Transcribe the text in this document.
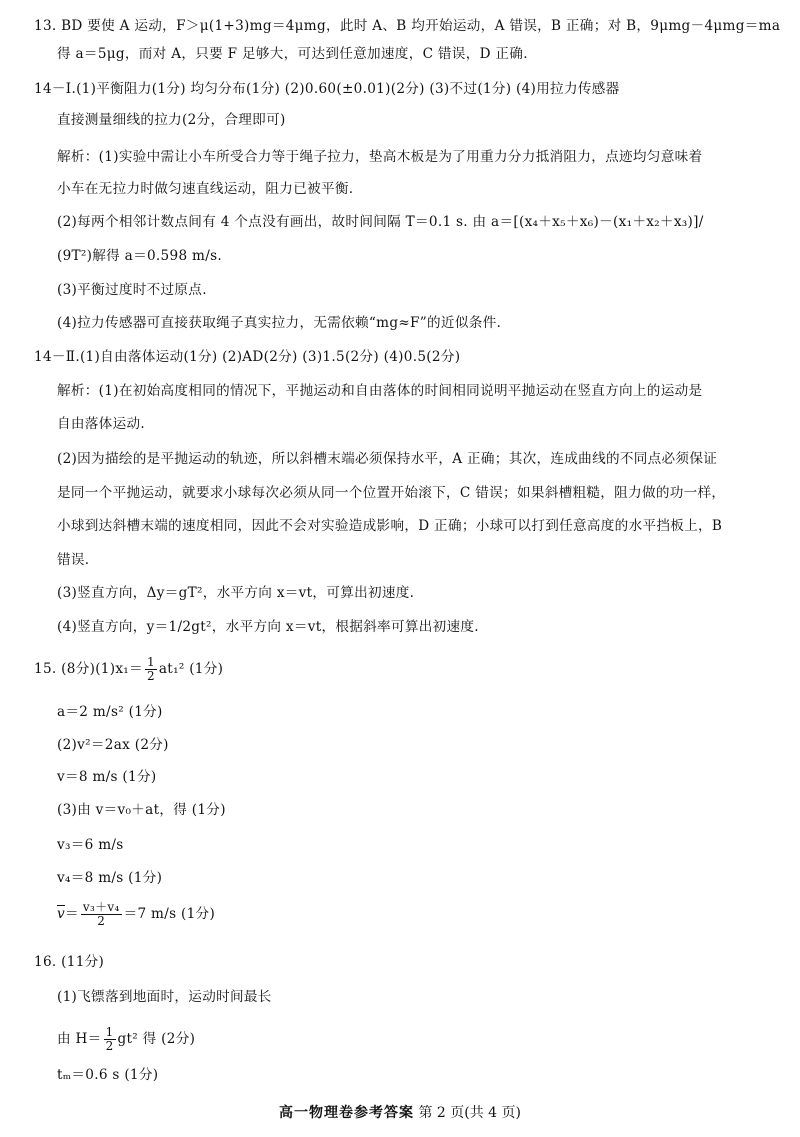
13. BD 要使 A 运动，F＞μ(1+3)mg＝4μmg，此时 A、B 均开始运动，A 错误，B 正确；对 B，9μmg－4μmg＝ma
得 a＝5μg，而对 A，只要 F 足够大，可达到任意加速度，C 错误，D 正确.
14－Ⅰ.(1)平衡阻力(1分) 均匀分布(1分) (2)0.60(±0.01)(2分) (3)不过(1分) (4)用拉力传感器
直接测量细线的拉力(2分，合理即可)
解析：(1)实验中需让小车所受合力等于绳子拉力，垫高木板是为了用重力分力抵消阻力，点迹均匀意味着
小车在无拉力时做匀速直线运动，阻力已被平衡.
(2)每两个相邻计数点间有 4 个点没有画出，故时间间隔 T＝0.1 s. 由 a＝[(x₄＋x₅＋x₆)－(x₁＋x₂＋x₃)]/
(9T²)解得 a＝0.598 m/s.
(3)平衡过度时不过原点.
(4)拉力传感器可直接获取绳子真实拉力，无需依赖“mg≈F”的近似条件.
14－Ⅱ.(1)自由落体运动(1分) (2)AD(2分) (3)1.5(2分) (4)0.5(2分)
解析：(1)在初始高度相同的情况下，平抛运动和自由落体的时间相同说明平抛运动在竖直方向上的运动是
自由落体运动.
(2)因为描绘的是平抛运动的轨迹，所以斜槽末端必须保持水平，A 正确；其次，连成曲线的不同点必须保证
是同一个平抛运动，就要求小球每次必须从同一个位置开始滚下，C 错误；如果斜槽粗糙，阻力做的功一样，
小球到达斜槽末端的速度相同，因此不会对实验造成影响，D 正确；小球可以打到任意高度的水平挡板上，B
错误.
(3)竖直方向，Δy＝gT²，水平方向 x＝vt，可算出初速度.
(4)竖直方向，y＝1/2gt²，水平方向 x＝vt，根据斜率可算出初速度.
15. (8分)$(1)x_1= \frac{1}{2} at_1^2$ (1分)
a＝2 m/s² (1分)
(2)v²＝2ax (2分)
v＝8 m/s (1分)
(3)由 v＝v₀＋at，得 (1分)
v₃＝6 m/s
v₄＝8 m/s (1分)
$\overline{v}= \frac{\text{v₃＋v₄}}{2} =7$ m/s (1分)
16. (11分)
(1)飞镖落到地面时，运动时间最长
由 $H= \frac{1}{2} gt^2$ 得 (2分)
tₘ＝0.6 s (1分)
高一物理卷参考答案 第 2 页(共 4 页)
